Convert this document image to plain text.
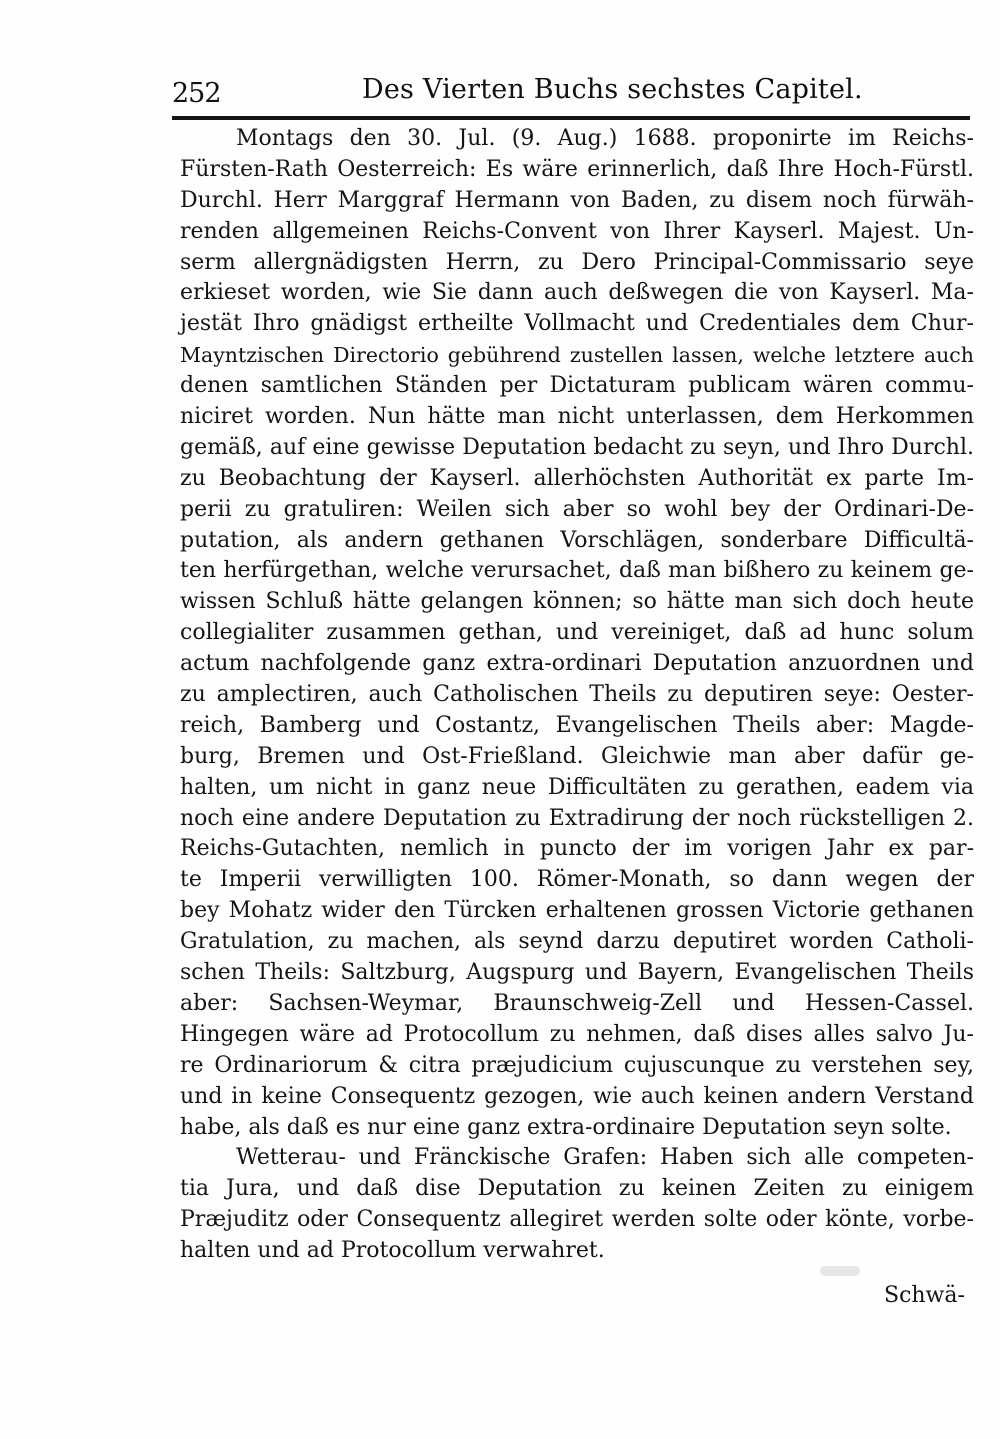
252	Des Vierten Buchs sechstes Capitel.
Montags den 30. Jul. (9. Aug.) 1688. proponirte im Reichs-
Fürsten-Rath Oesterreich: Es wäre erinnerlich, daß Ihre Hoch-Fürstl.
Durchl. Herr Marggraf Hermann von Baden, zu disem noch fürwäh-
renden allgemeinen Reichs-Convent von Ihrer Kayserl. Majest. Un-
serm allergnädigsten Herrn, zu Dero Principal-Commissario seye
erkieset worden, wie Sie dann auch deßwegen die von Kayserl. Ma-
jestät Ihro gnädigst ertheilte Vollmacht und Credentiales dem Chur-
Mayntzischen Directorio gebührend zustellen lassen, welche letztere auch
denen samtlichen Ständen per Dictaturam publicam wären commu-
niciret worden. Nun hätte man nicht unterlassen, dem Herkommen
gemäß, auf eine gewisse Deputation bedacht zu seyn, und Ihro Durchl.
zu Beobachtung der Kayserl. allerhöchsten Authorität ex parte Im-
perii zu gratuliren: Weilen sich aber so wohl bey der Ordinari-De-
putation, als andern gethanen Vorschlägen, sonderbare Difficultä-
ten herfürgethan, welche verursachet, daß man bißhero zu keinem ge-
wissen Schluß hätte gelangen können; so hätte man sich doch heute
collegialiter zusammen gethan, und vereiniget, daß ad hunc solum
actum nachfolgende ganz extra-ordinari Deputation anzuordnen und
zu amplectiren, auch Catholischen Theils zu deputiren seye: Oester-
reich, Bamberg und Costantz, Evangelischen Theils aber: Magde-
burg, Bremen und Ost-Frießland. Gleichwie man aber dafür ge-
halten, um nicht in ganz neue Difficultäten zu gerathen, eadem via
noch eine andere Deputation zu Extradirung der noch rückstelligen 2.
Reichs-Gutachten, nemlich in puncto der im vorigen Jahr ex par-
te Imperii verwilligten 100. Römer-Monath, so dann wegen der
bey Mohatz wider den Türcken erhaltenen grossen Victorie gethanen
Gratulation, zu machen, als seynd darzu deputiret worden Catholi-
schen Theils: Saltzburg, Augspurg und Bayern, Evangelischen Theils
aber: Sachsen-Weymar, Braunschweig-Zell und Hessen-Cassel.
Hingegen wäre ad Protocollum zu nehmen, daß dises alles salvo Ju-
re Ordinariorum & citra præjudicium cujuscunque zu verstehen sey,
und in keine Consequentz gezogen, wie auch keinen andern Verstand
habe, als daß es nur eine ganz extra-ordinaire Deputation seyn solte.
Wetterau- und Fränckische Grafen: Haben sich alle competen-
tia Jura, und daß dise Deputation zu keinen Zeiten zu einigem
Præjuditz oder Consequentz allegiret werden solte oder könte, vorbe-
halten und ad Protocollum verwahret.
Schwä-
